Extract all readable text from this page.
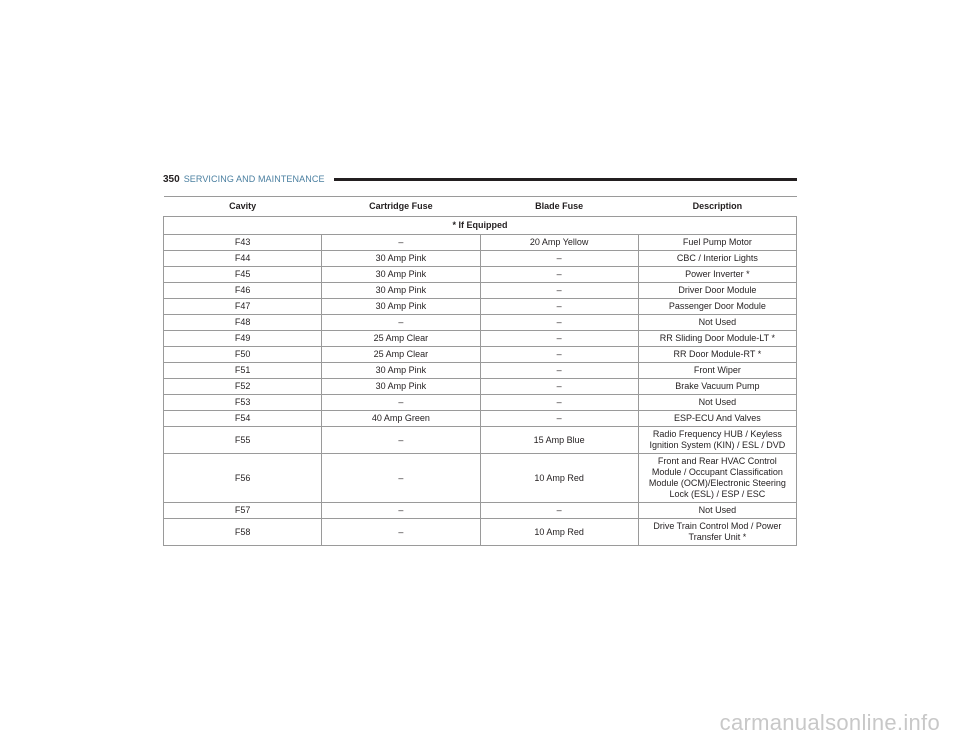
350 SERVICING AND MAINTENANCE
Cavity	Cartridge Fuse	Blade Fuse	Description
* If Equipped			
F43	–	20 Amp Yellow	Fuel Pump Motor
F44	30 Amp Pink	–	CBC / Interior Lights
F45	30 Amp Pink	–	Power Inverter *
F46	30 Amp Pink	–	Driver Door Module
F47	30 Amp Pink	–	Passenger Door Module
F48	–	–	Not Used
F49	25 Amp Clear	–	RR Sliding Door Module-LT *
F50	25 Amp Clear	–	RR Door Module-RT *
F51	30 Amp Pink	–	Front Wiper
F52	30 Amp Pink	–	Brake Vacuum Pump
F53	–	–	Not Used
F54	40 Amp Green	–	ESP-ECU And Valves
F55	–	15 Amp Blue	Radio Frequency HUB / Keyless Ignition System (KIN) / ESL / DVD
F56	–	10 Amp Red	Front and Rear HVAC Control Module / Occupant Classification Module (OCM)/Electronic Steering Lock (ESL) / ESP / ESC
F57	–	–	Not Used
F58	–	10 Amp Red	Drive Train Control Mod / Power Transfer Unit *
carmanualsonline.info
